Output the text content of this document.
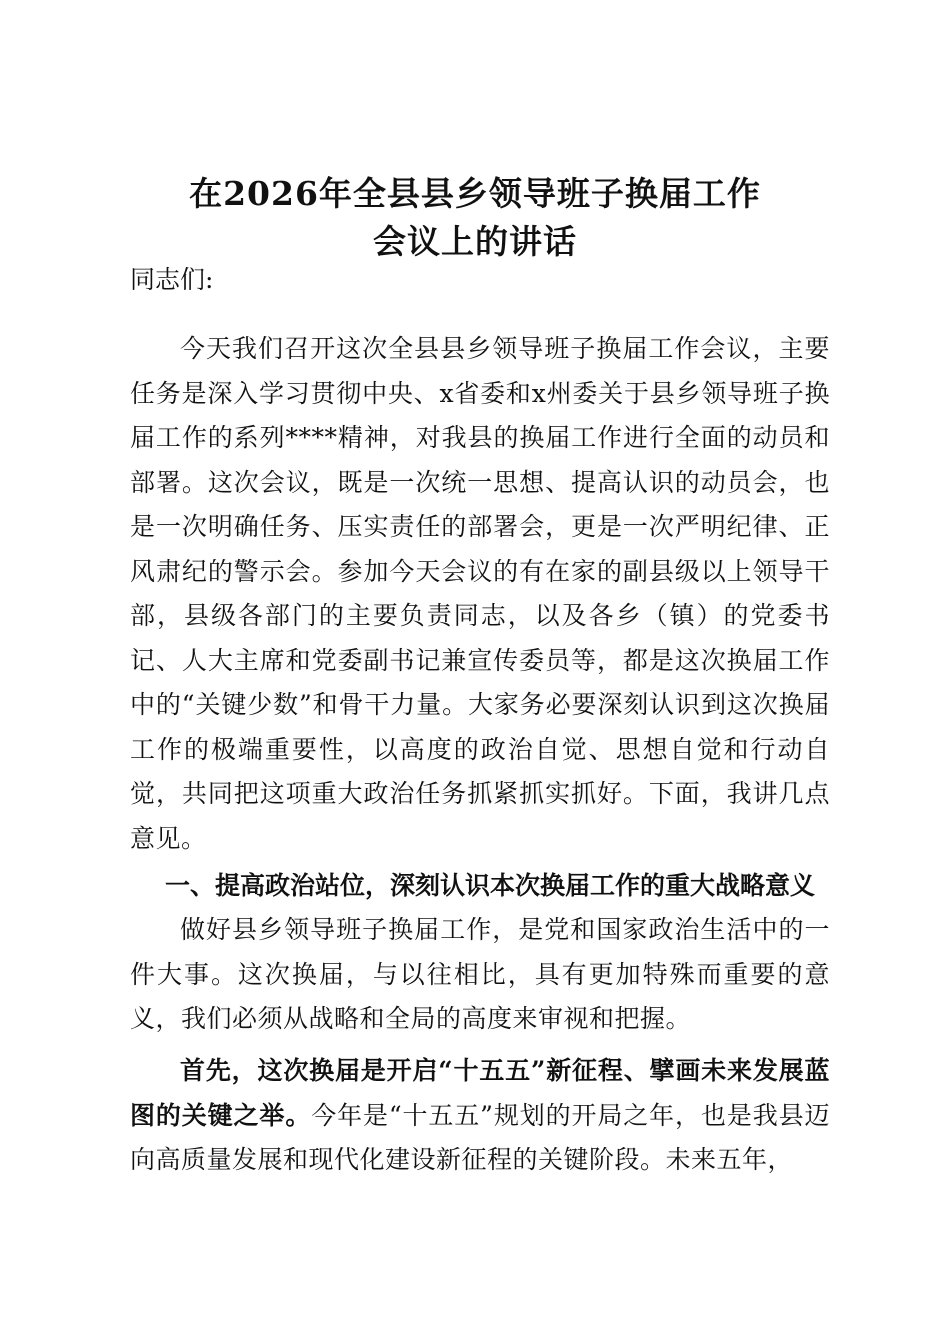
在2026年全县县乡领导班子换届工作
会议上的讲话

同志们:

今天我们召开这次全县县乡领导班子换届工作会议，主要任务是深入学习贯彻中央、x省委和x州委关于县乡领导班子换届工作的系列****精神，对我县的换届工作进行全面的动员和部署。这次会议，既是一次统一思想、提高认识的动员会，也是一次明确任务、压实责任的部署会，更是一次严明纪律、正风肃纪的警示会。参加今天会议的有在家的副县级以上领导干部，县级各部门的主要负责同志，以及各乡（镇）的党委书记、人大主席和党委副书记兼宣传委员等，都是这次换届工作中的“关键少数”和骨干力量。大家务必要深刻认识到这次换届工作的极端重要性，以高度的政治自觉、思想自觉和行动自觉，共同把这项重大政治任务抓紧抓实抓好。下面，我讲几点意见。

一、提高政治站位，深刻认识本次换届工作的重大战略意义

做好县乡领导班子换届工作，是党和国家政治生活中的一件大事。这次换届，与以往相比，具有更加特殊而重要的意义，我们必须从战略和全局的高度来审视和把握。

首先，这次换届是开启“十五五”新征程、擘画未来发展蓝图的关键之举。今年是“十五五”规划的开局之年，也是我县迈向高质量发展和现代化建设新征程的关键阶段。未来五年，
